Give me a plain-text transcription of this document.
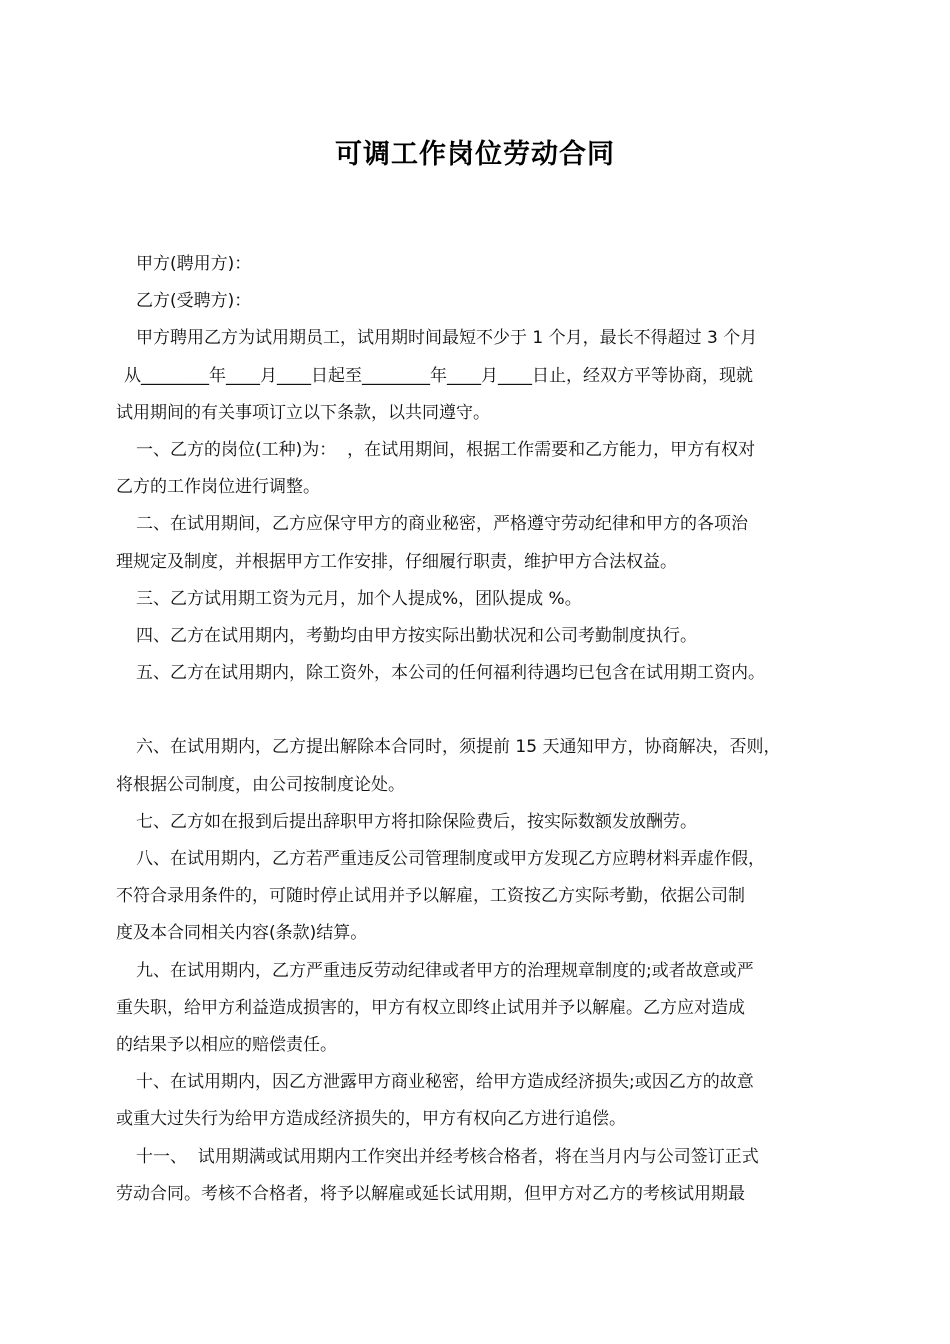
可调工作岗位劳动合同

甲方(聘用方)：

乙方(受聘方)：

甲方聘用乙方为试用期员工，试用期时间最短不少于 1 个月，最长不得超过 3 个月

从________年____月____日起至________年____月____日止，经双方平等协商，现就

试用期间的有关事项订立以下条款，以共同遵守。

一、乙方的岗位(工种)为：  ，在试用期间，根据工作需要和乙方能力，甲方有权对

乙方的工作岗位进行调整。

二、在试用期间，乙方应保守甲方的商业秘密，严格遵守劳动纪律和甲方的各项治

理规定及制度，并根据甲方工作安排，仔细履行职责，维护甲方合法权益。

三、乙方试用期工资为元月，加个人提成%，团队提成 %。

四、乙方在试用期内，考勤均由甲方按实际出勤状况和公司考勤制度执行。

五、乙方在试用期内，除工资外，本公司的任何福利待遇均已包含在试用期工资内。

六、在试用期内，乙方提出解除本合同时，须提前 15 天通知甲方，协商解决，否则，

将根据公司制度，由公司按制度论处。

七、乙方如在报到后提出辞职甲方将扣除保险费后，按实际数额发放酬劳。

八、在试用期内，乙方若严重违反公司管理制度或甲方发现乙方应聘材料弄虚作假，

不符合录用条件的，可随时停止试用并予以解雇，工资按乙方实际考勤，依据公司制

度及本合同相关内容(条款)结算。

九、在试用期内，乙方严重违反劳动纪律或者甲方的治理规章制度的;或者故意或严

重失职，给甲方利益造成损害的，甲方有权立即终止试用并予以解雇。乙方应对造成

的结果予以相应的赔偿责任。

十、在试用期内，因乙方泄露甲方商业秘密，给甲方造成经济损失;或因乙方的故意

或重大过失行为给甲方造成经济损失的，甲方有权向乙方进行追偿。

十一、  试用期满或试用期内工作突出并经考核合格者，将在当月内与公司签订正式

劳动合同。考核不合格者，将予以解雇或延长试用期，但甲方对乙方的考核试用期最
